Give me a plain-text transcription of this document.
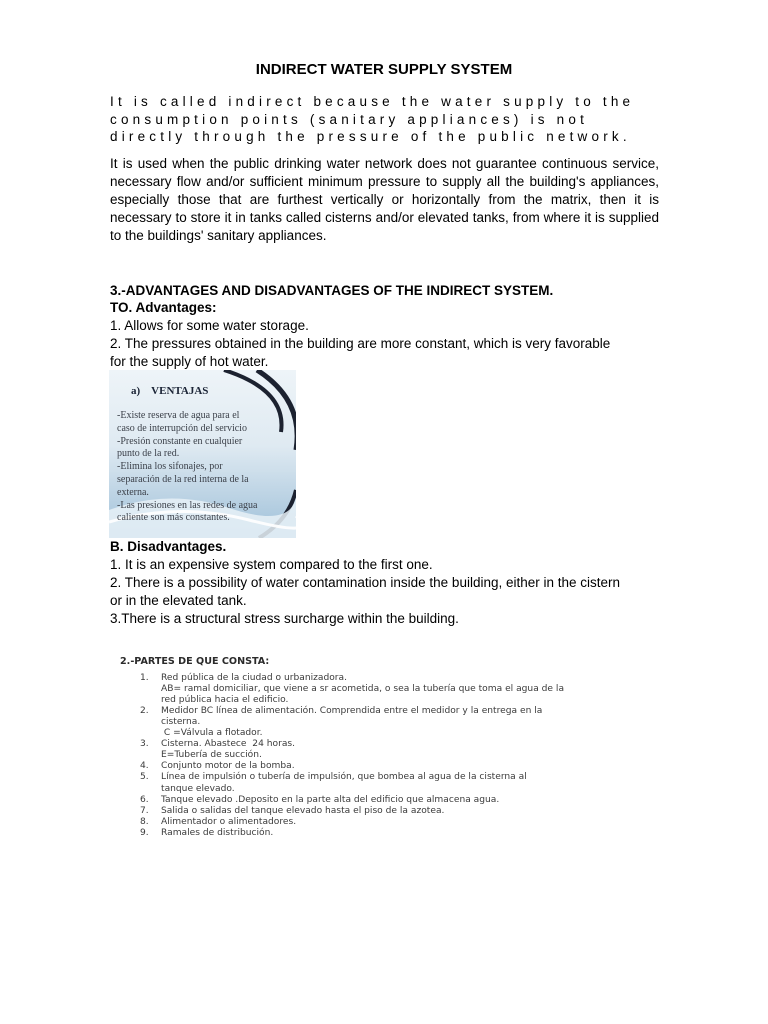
INDIRECT WATER SUPPLY SYSTEM
It is called indirect because the water supply to the
consumption points (sanitary appliances) is not
directly through the pressure of the public network.
It is used when the public drinking water network does not guarantee continuous service, necessary flow and/or sufficient minimum pressure to supply all the building's appliances, especially those that are furthest vertically or horizontally from the matrix, then it is necessary to store it in tanks called cisterns and/or elevated tanks, from where it is supplied to the buildings' sanitary appliances.
3.-ADVANTAGES AND DISADVANTAGES OF THE INDIRECT SYSTEM.
TO. Advantages:
1. Allows for some water storage.
2. The pressures obtained in the building are more constant, which is very favorable
for the supply of hot water.
a)    VENTAJAS
-Existe reserva de agua para el
caso de interrupción del servicio
-Presión constante en cualquier
punto de la red.
-Elimina los sifonajes, por
separación de la red interna de la
externa.
-Las presiones en las redes de agua
caliente son más constantes.
B. Disadvantages.
1. It is an expensive system compared to the first one.
2. There is a possibility of water contamination inside the building, either in the cistern
or in the elevated tank.
3.There is a structural stress surcharge within the building.
2.-PARTES DE QUE CONSTA:
1.	Red pública de la ciudad o urbanizadora.
AB= ramal domiciliar, que viene a sr acometida, o sea la tubería que toma el agua de la
red pública hacia el edificio.
2.	Medidor BC línea de alimentación. Comprendida entre el medidor y la entrega en la
cisterna.
C =Válvula a flotador.
3.	Cisterna. Abastece  24 horas.
E=Tubería de succión.
4.	Conjunto motor de la bomba.
5.	Línea de impulsión o tubería de impulsión, que bombea al agua de la cisterna al
tanque elevado.
6.	Tanque elevado .Deposito en la parte alta del edificio que almacena agua.
7.	Salida o salidas del tanque elevado hasta el piso de la azotea.
8.	Alimentador o alimentadores.
9.	Ramales de distribución.
